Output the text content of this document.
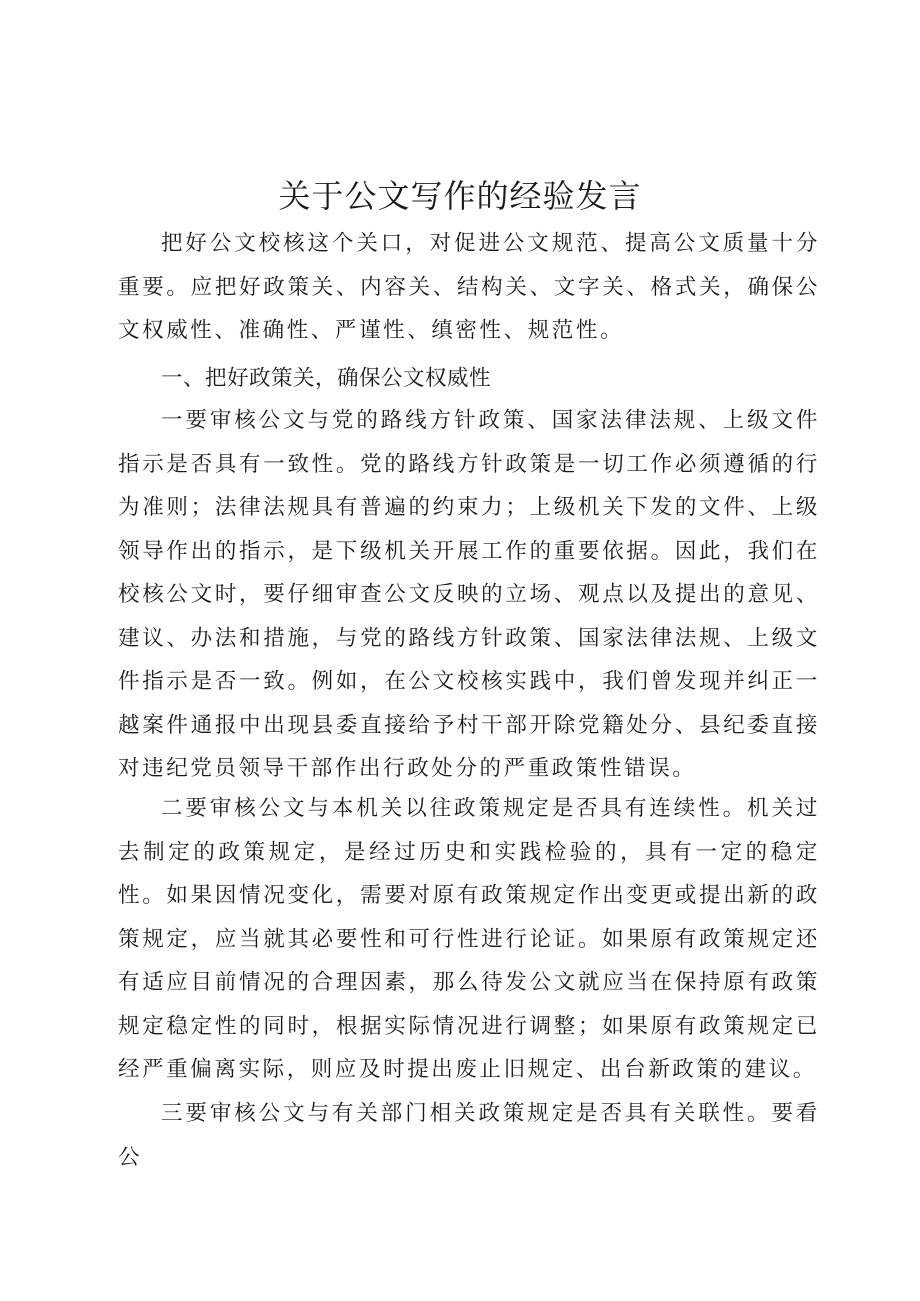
关于公文写作的经验发言

把好公文校核这个关口，对促进公文规范、提高公文质量十分重要。应把好政策关、内容关、结构关、文字关、格式关，确保公文权威性、准确性、严谨性、缜密性、规范性。

一、把好政策关，确保公文权威性

一要审核公文与党的路线方针政策、国家法律法规、上级文件指示是否具有一致性。党的路线方针政策是一切工作必须遵循的行为准则；法律法规具有普遍的约束力；上级机关下发的文件、上级领导作出的指示，是下级机关开展工作的重要依据。因此，我们在校核公文时，要仔细审查公文反映的立场、观点以及提出的意见、建议、办法和措施，与党的路线方针政策、国家法律法规、上级文件指示是否一致。例如，在公文校核实践中，我们曾发现并纠正一越案件通报中出现县委直接给予村干部开除党籍处分、县纪委直接对违纪党员领导干部作出行政处分的严重政策性错误。

二要审核公文与本机关以往政策规定是否具有连续性。机关过去制定的政策规定，是经过历史和实践检验的，具有一定的稳定性。如果因情况变化，需要对原有政策规定作出变更或提出新的政策规定，应当就其必要性和可行性进行论证。如果原有政策规定还有适应目前情况的合理因素，那么待发公文就应当在保持原有政策规定稳定性的同时，根据实际情况进行调整；如果原有政策规定已经严重偏离实际，则应及时提出废止旧规定、出台新政策的建议。

三要审核公文与有关部门相关政策规定是否具有关联性。要看公
